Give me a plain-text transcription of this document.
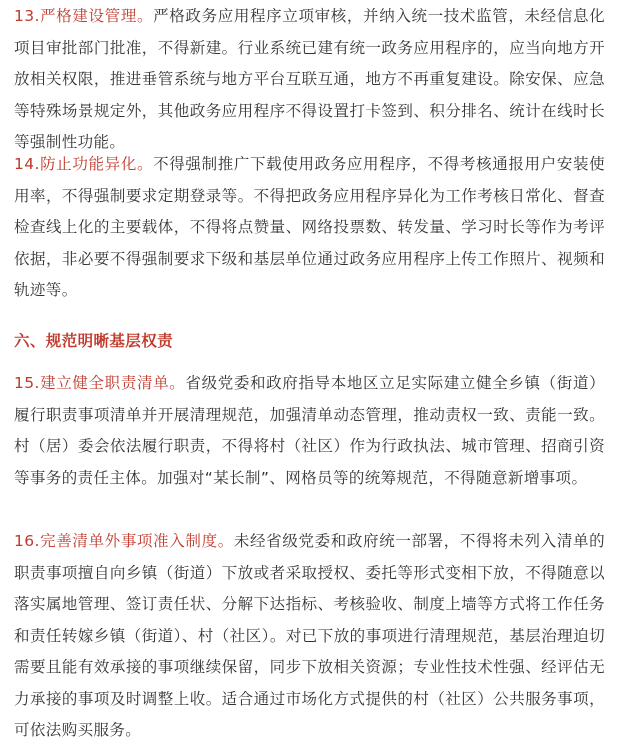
13.严格建设管理。严格政务应用程序立项审核，并纳入统一技术监管，未经信息化项目审批部门批准，不得新建。行业系统已建有统一政务应用程序的，应当向地方开放相关权限，推进垂管系统与地方平台互联互通，地方不再重复建设。除安保、应急等特殊场景规定外，其他政务应用程序不得设置打卡签到、积分排名、统计在线时长等强制性功能。

14.防止功能异化。不得强制推广下载使用政务应用程序，不得考核通报用户安装使用率，不得强制要求定期登录等。不得把政务应用程序异化为工作考核日常化、督查检查线上化的主要载体，不得将点赞量、网络投票数、转发量、学习时长等作为考评依据，非必要不得强制要求下级和基层单位通过政务应用程序上传工作照片、视频和轨迹等。

六、规范明晰基层权责

15.建立健全职责清单。省级党委和政府指导本地区立足实际建立健全乡镇（街道）履行职责事项清单并开展清理规范，加强清单动态管理，推动责权一致、责能一致。村（居）委会依法履行职责，不得将村（社区）作为行政执法、城市管理、招商引资等事务的责任主体。加强对“某长制”、网格员等的统筹规范，不得随意新增事项。

16.完善清单外事项准入制度。未经省级党委和政府统一部署，不得将未列入清单的职责事项擅自向乡镇（街道）下放或者采取授权、委托等形式变相下放，不得随意以落实属地管理、签订责任状、分解下达指标、考核验收、制度上墙等方式将工作任务和责任转嫁乡镇（街道）、村（社区）。对已下放的事项进行清理规范，基层治理迫切需要且能有效承接的事项继续保留，同步下放相关资源；专业性技术性强、经评估无力承接的事项及时调整上收。适合通过市场化方式提供的村（社区）公共服务事项，可依法购买服务。
